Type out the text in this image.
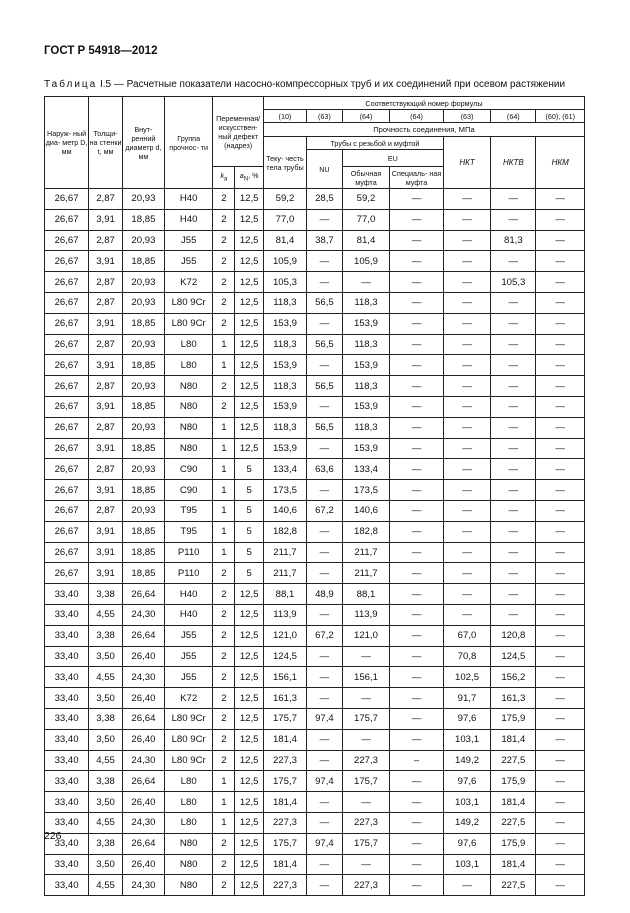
ГОСТ Р 54918—2012
Таблица I.5 — Расчетные показатели насосно-компрессорных труб и их соединений при осевом растяжении
Наруж- ный диа- метр D, мм	Толщи- на стенки t, мм	Внут- ренний диаметр d, мм	Группа прочнос- ти	Переменная/ искусствен- ный дефект (надрез)		Соответствующий номер формулы						
						(10)	(63)	(64)	(64)	(63)	(64)	(60), (61)
						Прочность соединения, МПа						
						Теку- честь тела трубы	Трубы с резьбой и муфтой			НКТ	НКТВ	НКМ
							NU	EU				
				$k_a$	$a_N$, %			Обычная муфта	Специаль- ная муфта			
26,67	2,87	20,93	H40	2	12,5	59,2	28,5	59,2	—	—	—	—
26,67	3,91	18,85	H40	2	12,5	77,0	—	77,0	—	—	—	—
26,67	2,87	20,93	J55	2	12,5	81,4	38,7	81,4	—	—	81,3	—
26,67	3,91	18,85	J55	2	12,5	105,9	—	105,9	—	—	—	—
26,67	2,87	20,93	K72	2	12,5	105,3	—	—	—	—	105,3	—
26,67	2,87	20,93	L80 9Cr	2	12,5	118,3	56,5	118,3	—	—	—	—
26,67	3,91	18,85	L80 9Cr	2	12,5	153,9	—	153,9	—	—	—	—
26,67	2,87	20,93	L80	1	12,5	118,3	56,5	118,3	—	—	—	—
26,67	3,91	18,85	L80	1	12,5	153,9	—	153,9	—	—	—	—
26,67	2,87	20,93	N80	2	12,5	118,3	56,5	118,3	—	—	—	—
26,67	3,91	18,85	N80	2	12,5	153,9	—	153,9	—	—	—	—
26,67	2,87	20,93	N80	1	12,5	118,3	56,5	118,3	—	—	—	—
26,67	3,91	18,85	N80	1	12,5	153,9	—	153,9	—	—	—	—
26,67	2,87	20,93	C90	1	5	133,4	63,6	133,4	—	—	—	—
26,67	3,91	18,85	C90	1	5	173,5	—	173,5	—	—	—	—
26,67	2,87	20,93	T95	1	5	140,6	67,2	140,6	—	—	—	—
26,67	3,91	18,85	T95	1	5	182,8	—	182,8	—	—	—	—
26,67	3,91	18,85	P110	1	5	211,7	—	211,7	—	—	—	—
26,67	3,91	18,85	P110	2	5	211,7	—	211,7	—	—	—	—
33,40	3,38	26,64	H40	2	12,5	88,1	48,9	88,1	—	—	—	—
33,40	4,55	24,30	H40	2	12,5	113,9	—	113,9	—	—	—	—
33,40	3,38	26,64	J55	2	12,5	121,0	67,2	121,0	—	67,0	120,8	—
33,40	3,50	26,40	J55	2	12,5	124,5	—	—	—	70,8	124,5	—
33,40	4,55	24,30	J55	2	12,5	156,1	—	156,1	—	102,5	156,2	—
33,40	3,50	26,40	K72	2	12,5	161,3	—	—	—	91,7	161,3	—
33,40	3,38	26,64	L80 9Cr	2	12,5	175,7	97,4	175,7	—	97,6	175,9	—
33,40	3,50	26,40	L80 9Cr	2	12,5	181,4	—	—	—	103,1	181,4	—
33,40	4,55	24,30	L80 9Cr	2	12,5	227,3	—	227,3	–	149,2	227,5	—
33,40	3,38	26,64	L80	1	12,5	175,7	97,4	175,7	—	97,6	175,9	—
33,40	3,50	26,40	L80	1	12,5	181,4	—	—	—	103,1	181,4	—
33,40	4,55	24,30	L80	1	12,5	227,3	—	227,3	—	149,2	227,5	—
33,40	3,38	26,64	N80	2	12,5	175,7	97,4	175,7	—	97,6	175,9	—
33,40	3,50	26,40	N80	2	12,5	181,4	—	—	—	103,1	181,4	—
33,40	4,55	24,30	N80	2	12,5	227,3	—	227,3	—	—	227,5	—
226
